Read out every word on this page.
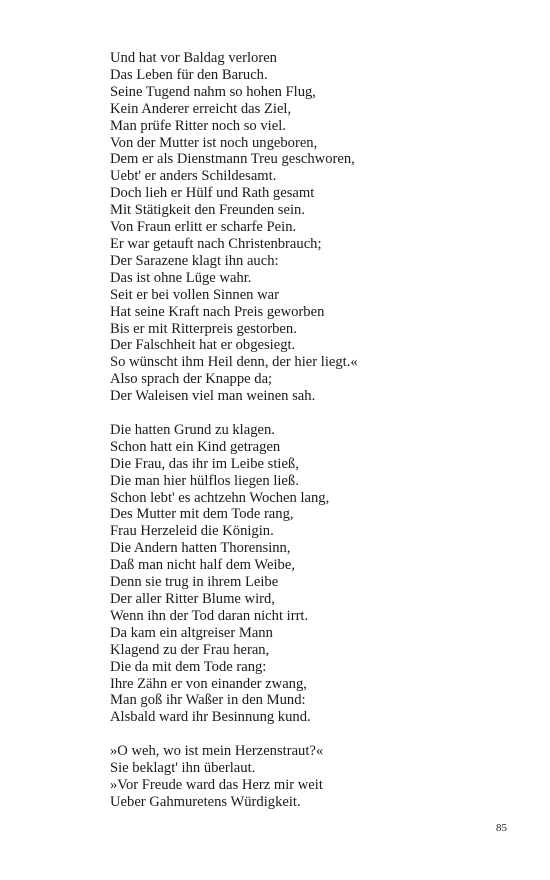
Und hat vor Baldag verloren
Das Leben für den Baruch.
Seine Tugend nahm so hohen Flug,
Kein Anderer erreicht das Ziel,
Man prüfe Ritter noch so viel.
Von der Mutter ist noch ungeboren,
Dem er als Dienstmann Treu geschworen,
Uebt' er anders Schildesamt.
Doch lieh er Hülf und Rath gesamt
Mit Stätigkeit den Freunden sein.
Von Fraun erlitt er scharfe Pein.
Er war getauft nach Christenbrauch;
Der Sarazene klagt ihn auch:
Das ist ohne Lüge wahr.
Seit er bei vollen Sinnen war
Hat seine Kraft nach Preis geworben
Bis er mit Ritterpreis gestorben.
Der Falschheit hat er obgesiegt.
So wünscht ihm Heil denn, der hier liegt.«
Also sprach der Knappe da;
Der Waleisen viel man weinen sah.
Die hatten Grund zu klagen.
Schon hatt ein Kind getragen
Die Frau, das ihr im Leibe stieß,
Die man hier hülflos liegen ließ.
Schon lebt' es achtzehn Wochen lang,
Des Mutter mit dem Tode rang,
Frau Herzeleid die Königin.
Die Andern hatten Thorensinn,
Daß man nicht half dem Weibe,
Denn sie trug in ihrem Leibe
Der aller Ritter Blume wird,
Wenn ihn der Tod daran nicht irrt.
Da kam ein altgreiser Mann
Klagend zu der Frau heran,
Die da mit dem Tode rang:
Ihre Zähn er von einander zwang,
Man goß ihr Waßer in den Mund:
Alsbald ward ihr Besinnung kund.
»O weh, wo ist mein Herzenstraut?«
Sie beklagt' ihn überlaut.
»Vor Freude ward das Herz mir weit
Ueber Gahmuretens Würdigkeit.
85
